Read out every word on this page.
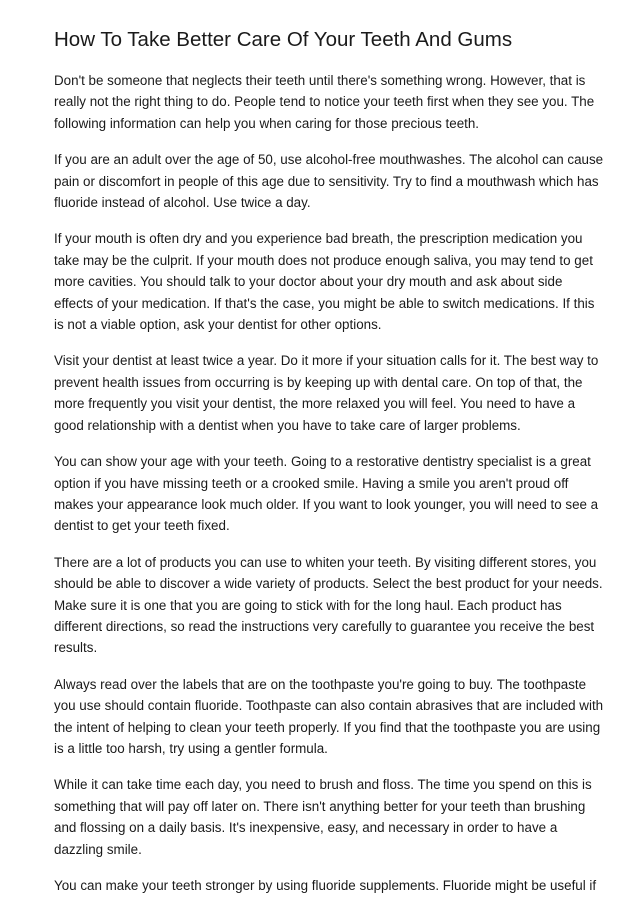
How To Take Better Care Of Your Teeth And Gums

Don't be someone that neglects their teeth until there's something wrong. However, that is
really not the right thing to do. People tend to notice your teeth first when they see you. The
following information can help you when caring for those precious teeth.

If you are an adult over the age of 50, use alcohol-free mouthwashes. The alcohol can cause
pain or discomfort in people of this age due to sensitivity. Try to find a mouthwash which has
fluoride instead of alcohol. Use twice a day.

If your mouth is often dry and you experience bad breath, the prescription medication you
take may be the culprit. If your mouth does not produce enough saliva, you may tend to get
more cavities. You should talk to your doctor about your dry mouth and ask about side
effects of your medication. If that's the case, you might be able to switch medications. If this
is not a viable option, ask your dentist for other options.

Visit your dentist at least twice a year. Do it more if your situation calls for it. The best way to
prevent health issues from occurring is by keeping up with dental care. On top of that, the
more frequently you visit your dentist, the more relaxed you will feel. You need to have a
good relationship with a dentist when you have to take care of larger problems.

You can show your age with your teeth. Going to a restorative dentistry specialist is a great
option if you have missing teeth or a crooked smile. Having a smile you aren't proud off
makes your appearance look much older. If you want to look younger, you will need to see a
dentist to get your teeth fixed.

There are a lot of products you can use to whiten your teeth. By visiting different stores, you
should be able to discover a wide variety of products. Select the best product for your needs.
Make sure it is one that you are going to stick with for the long haul. Each product has
different directions, so read the instructions very carefully to guarantee you receive the best
results.

Always read over the labels that are on the toothpaste you're going to buy. The toothpaste
you use should contain fluoride. Toothpaste can also contain abrasives that are included with
the intent of helping to clean your teeth properly. If you find that the toothpaste you are using
is a little too harsh, try using a gentler formula.

While it can take time each day, you need to brush and floss. The time you spend on this is
something that will pay off later on. There isn't anything better for your teeth than brushing
and flossing on a daily basis. It's inexpensive, easy, and necessary in order to have a
dazzling smile.

You can make your teeth stronger by using fluoride supplements. Fluoride might be useful if
